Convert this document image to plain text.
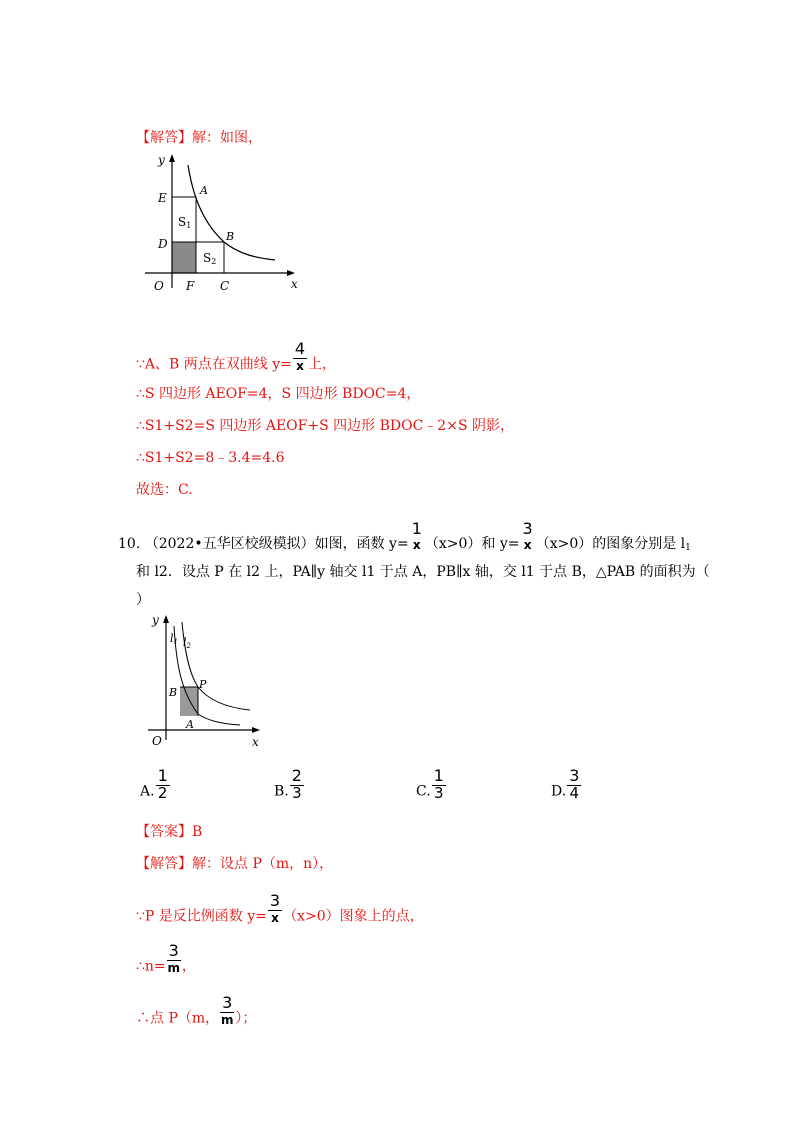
【解答】解：如图，
y
x
O
E
A
D
B
F C
S1
S2
∵A、B 两点在双曲线 $y= \frac{4}{x}$ 上，
∴S 四边形 AEOF=4，S 四边形 BDOC=4，
∴S1+S2=S 四边形 AEOF+S 四边形 BDOC﹣2×S 阴影，
∴S1+S2=8﹣3.4=4.6
故选：C.
10. （2022•五华区校级模拟）如图，函数 y=
1
x （x>0）和 y=
3
x （x>0）的图象分别是 $l_1$
和 l2．设点 P 在 l2 上，PA∥y 轴交 l1 于点 A，PB∥x 轴，交 l1 于点 B，△PAB 的面积为（
）
y
x
O
l1 l2
B
P
A
A. $\frac{1}{2}$	B. $\frac{2}{3}$	C. $\frac{1}{3}$	D. $\frac{3}{4}$
【答案】B
【解答】解：设点 P（m，n），
∵P 是反比例函数 $y= \frac{3}{x} (x>0)$图象上的点，
∴n= $\frac{3}{m}$ ，
∴点 P（m， $\frac{3}{m}$ ）；
